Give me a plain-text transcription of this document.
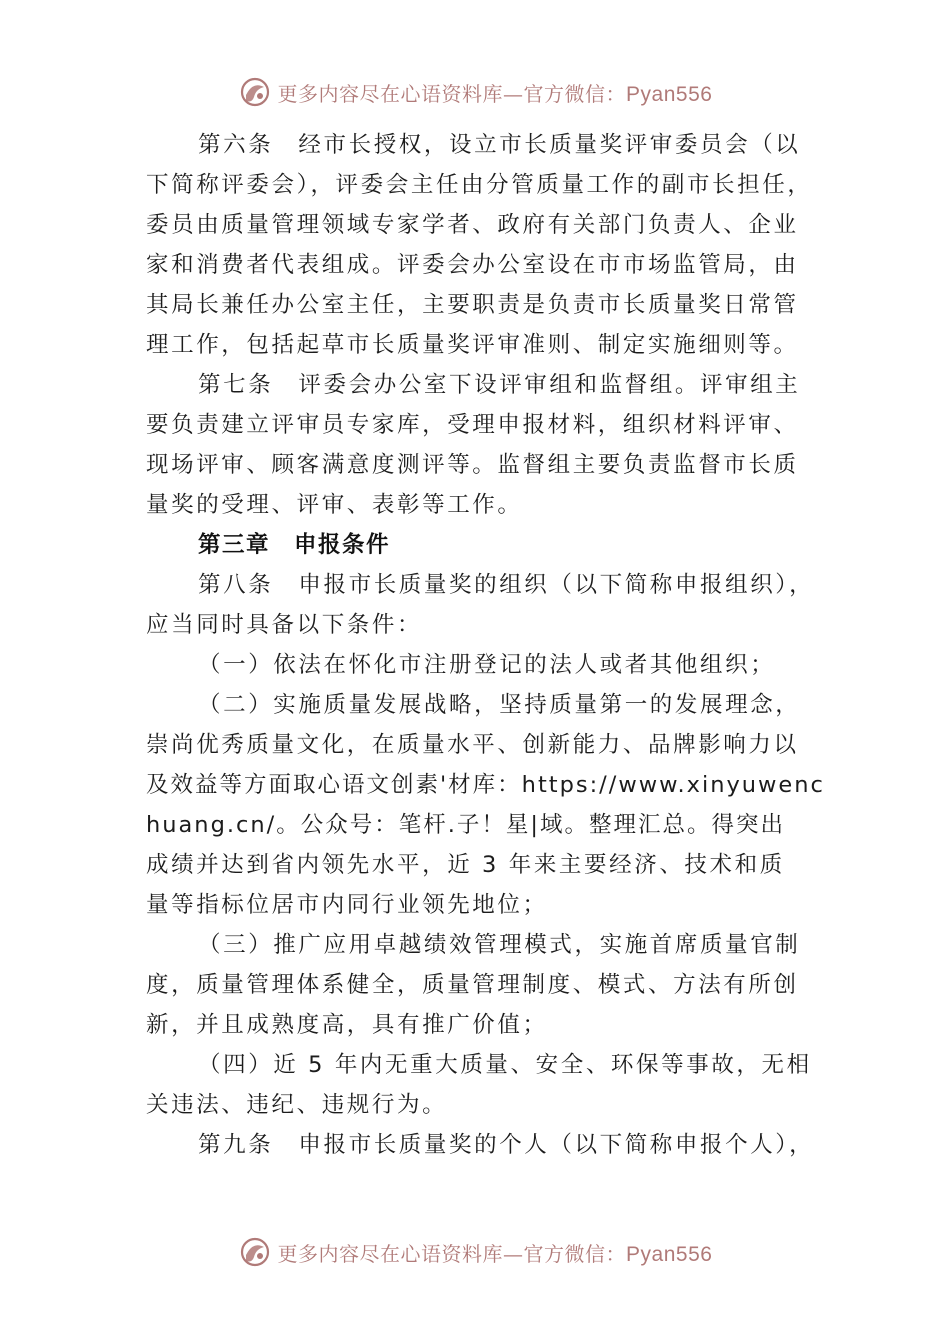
更多内容尽在心语资料库—官方微信：Pyan556
第六条　经市长授权，设立市长质量奖评审委员会（以
下简称评委会），评委会主任由分管质量工作的副市长担任，
委员由质量管理领域专家学者、政府有关部门负责人、企业
家和消费者代表组成。评委会办公室设在市市场监管局，由
其局长兼任办公室主任，主要职责是负责市长质量奖日常管
理工作，包括起草市长质量奖评审准则、制定实施细则等。
第七条　评委会办公室下设评审组和监督组。评审组主
要负责建立评审员专家库，受理申报材料，组织材料评审、
现场评审、顾客满意度测评等。监督组主要负责监督市长质
量奖的受理、评审、表彰等工作。
第三章　申报条件
第八条　申报市长质量奖的组织（以下简称申报组织），
应当同时具备以下条件：
（一）依法在怀化市注册登记的法人或者其他组织；
（二）实施质量发展战略，坚持质量第一的发展理念，
崇尚优秀质量文化，在质量水平、创新能力、品牌影响力以
及效益等方面取心语文创素'材库：https://www.xinyuwenc
huang.cn/。公众号：笔杆.子！星|域。整理汇总。得突出
成绩并达到省内领先水平，近 3 年来主要经济、技术和质
量等指标位居市内同行业领先地位；
（三）推广应用卓越绩效管理模式，实施首席质量官制
度，质量管理体系健全，质量管理制度、模式、方法有所创
新，并且成熟度高，具有推广价值；
（四）近 5 年内无重大质量、安全、环保等事故，无相
关违法、违纪、违规行为。
第九条　申报市长质量奖的个人（以下简称申报个人），
更多内容尽在心语资料库—官方微信：Pyan556
